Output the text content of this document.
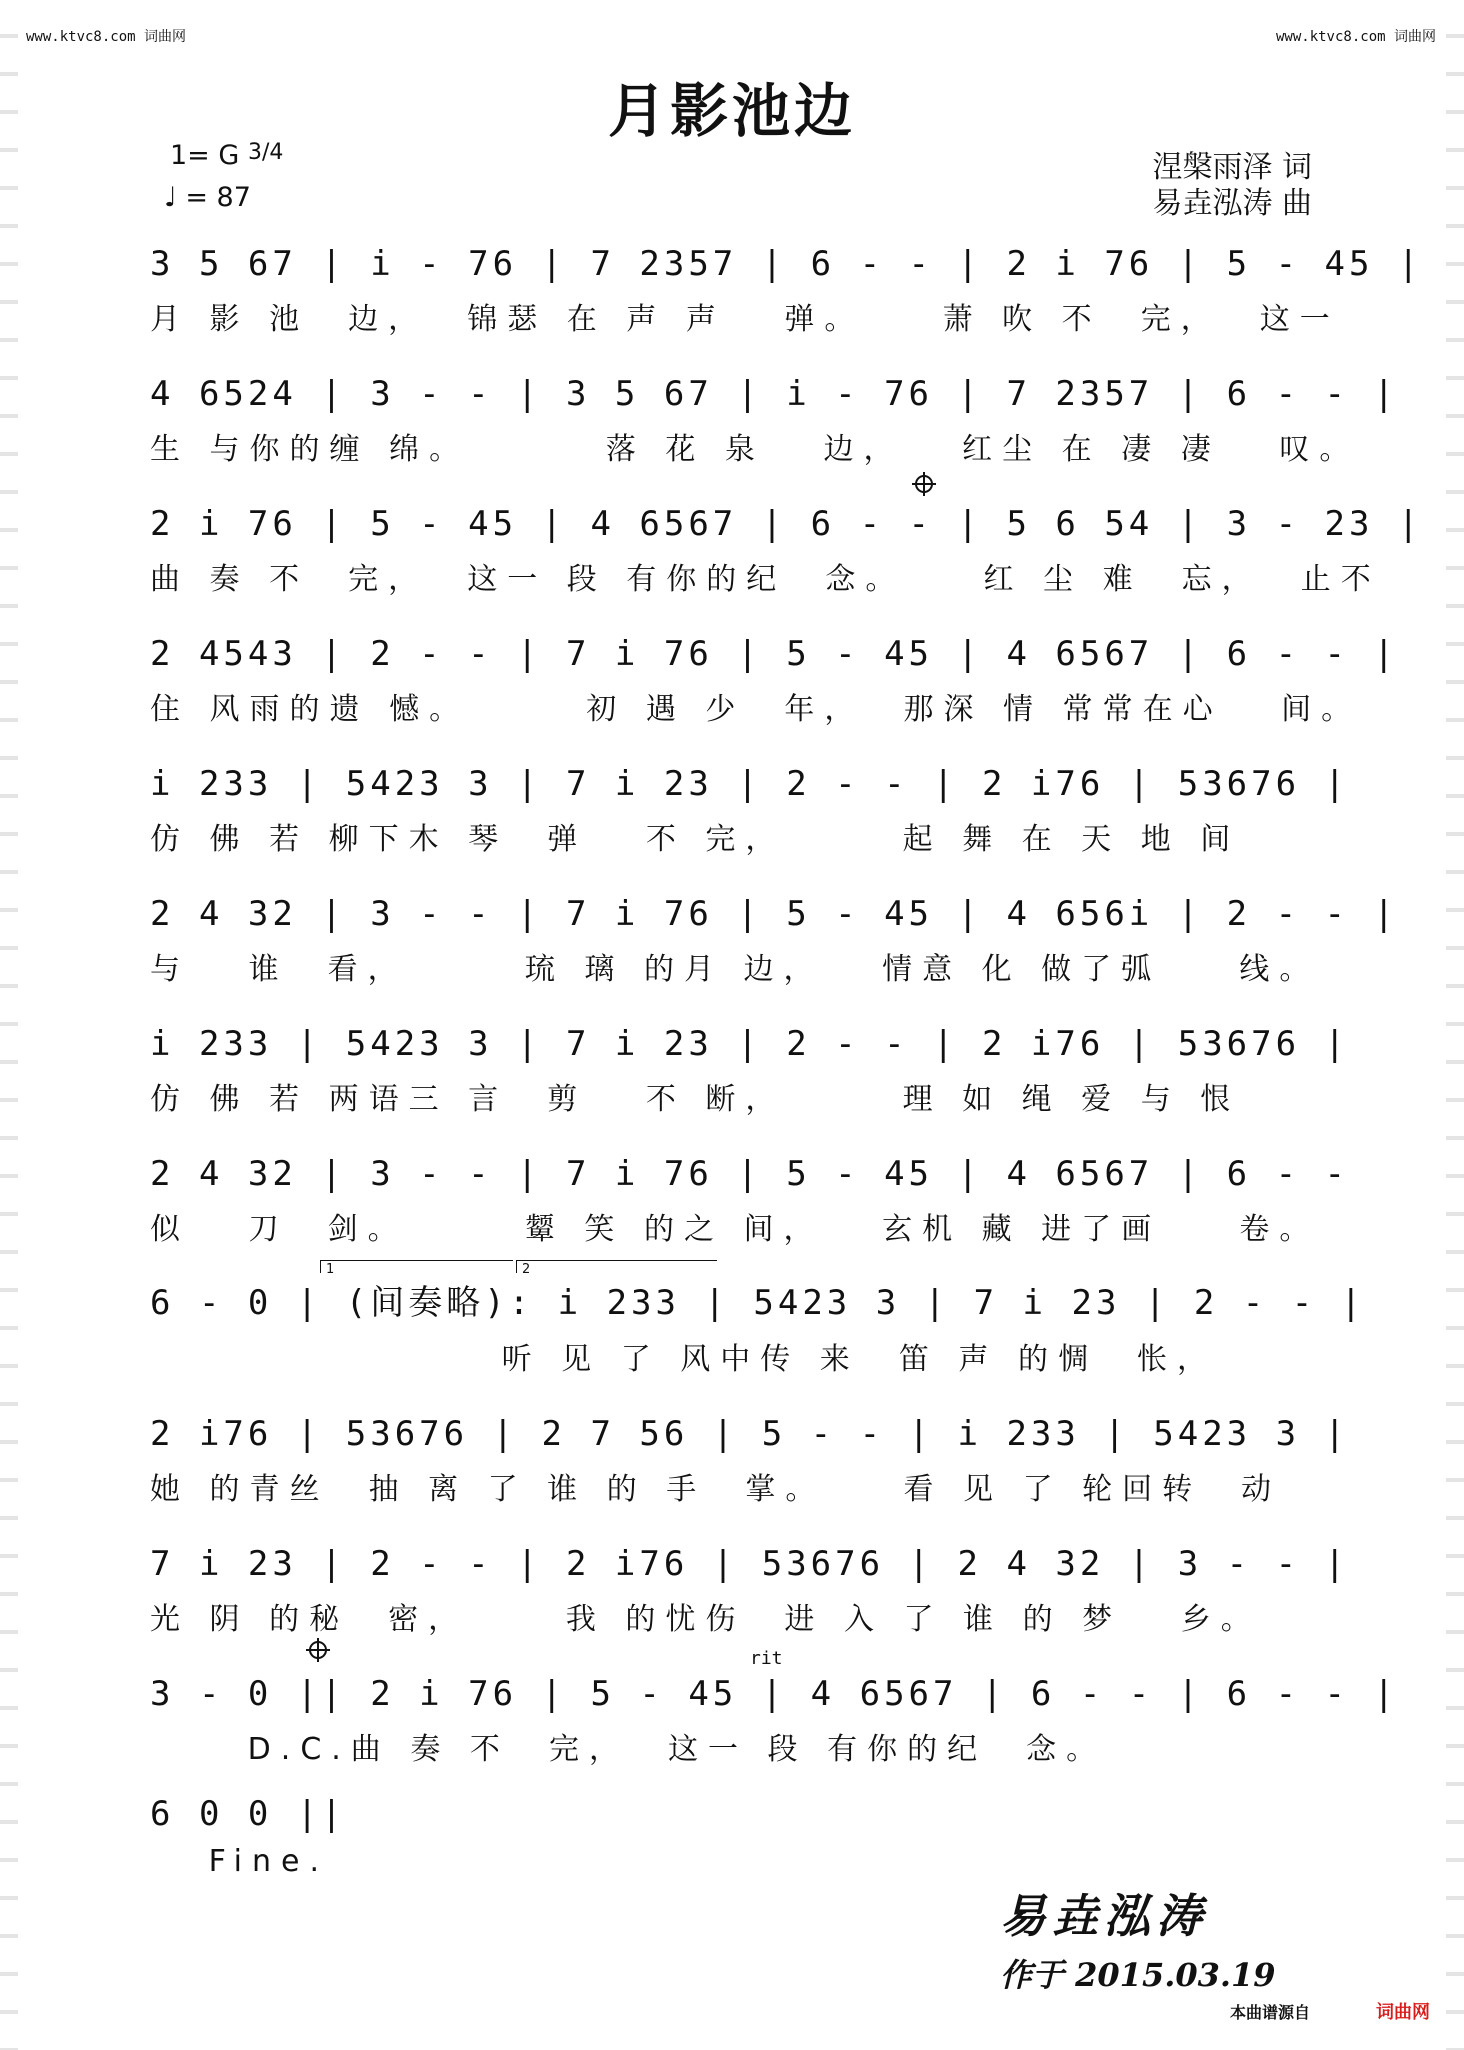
www.ktvc8.com 词曲网	www.ktvc8.com 词曲网
月影池边
1= G 3/4
♩ = 87
涅槃雨泽 词
易垚泓涛 曲
3 5 67 | i - 76 | 7 2357 | 6 - - | 2 i 76 | 5 - 45 |
月 影 池  边，  锦瑟 在 声 声   弹。    萧 吹 不  完，  这一
4 6524 | 3 - - | 3 5 67 | i - 76 | 7 2357 | 6 - - |
生 与你的缠 绵。       落 花 泉   边，   红尘 在 凄 凄   叹。
2 i 76 | 5 - 45 | 4 6567 | 6 - - | 5 6 54 | 3 - 23 |
曲 奏 不  完，  这一 段 有你的纪  念。    红 尘 难  忘，  止不
2 4543 | 2 - - | 7 i 76 | 5 - 45 | 4 6567 | 6 - - |
住 风雨的遗 憾。      初 遇 少  年，  那深 情 常常在心   间。
i 233 | 5423 3 | 7 i 23 | 2 - - | 2 i76 | 53676 |
仿 佛 若 柳下木 琴  弹   不 完，      起 舞 在 天 地 间
2 4 32 | 3 - - | 7 i 76 | 5 - 45 | 4 656i | 2 - - |
与   谁  看，      琉 璃 的月 边，   情意 化 做了弧    线。
i 233 | 5423 3 | 7 i 23 | 2 - - | 2 i76 | 53676 |
仿 佛 若 两语三 言  剪   不 断，      理 如 绳 爱 与 恨
2 4 32 | 3 - - | 7 i 76 | 5 - 45 | 4 6567 | 6 - -
似   刀  剑。      颦 笑 的之 间，   玄机 藏 进了画    卷。
6 - 0 | (间奏略): i 233 | 5423 3 | 7 i 23 | 2 - - |
听 见 了 风中传 来  笛 声 的惆  怅，
2 i76 | 53676 | 2 7 56 | 5 - - | i 233 | 5423 3 |
她 的青丝  抽 离 了 谁 的 手  掌。    看 见 了 轮回转  动
7 i 23 | 2 - - | 2 i76 | 53676 | 2 4 32 | 3 - - |
光 阴 的秘  密，     我 的忧伤  进 入 了 谁 的 梦   乡。
3 - 0 || 2 i 76 | 5 - 45 | 4 6567 | 6 - - | 6 - - |
D.C.曲 奏 不  完，  这一 段 有你的纪  念。
6 0 0 ||
Fine.
1	2
rit
易垚泓涛
作于 2015.03.19
本曲谱源自	词曲网
